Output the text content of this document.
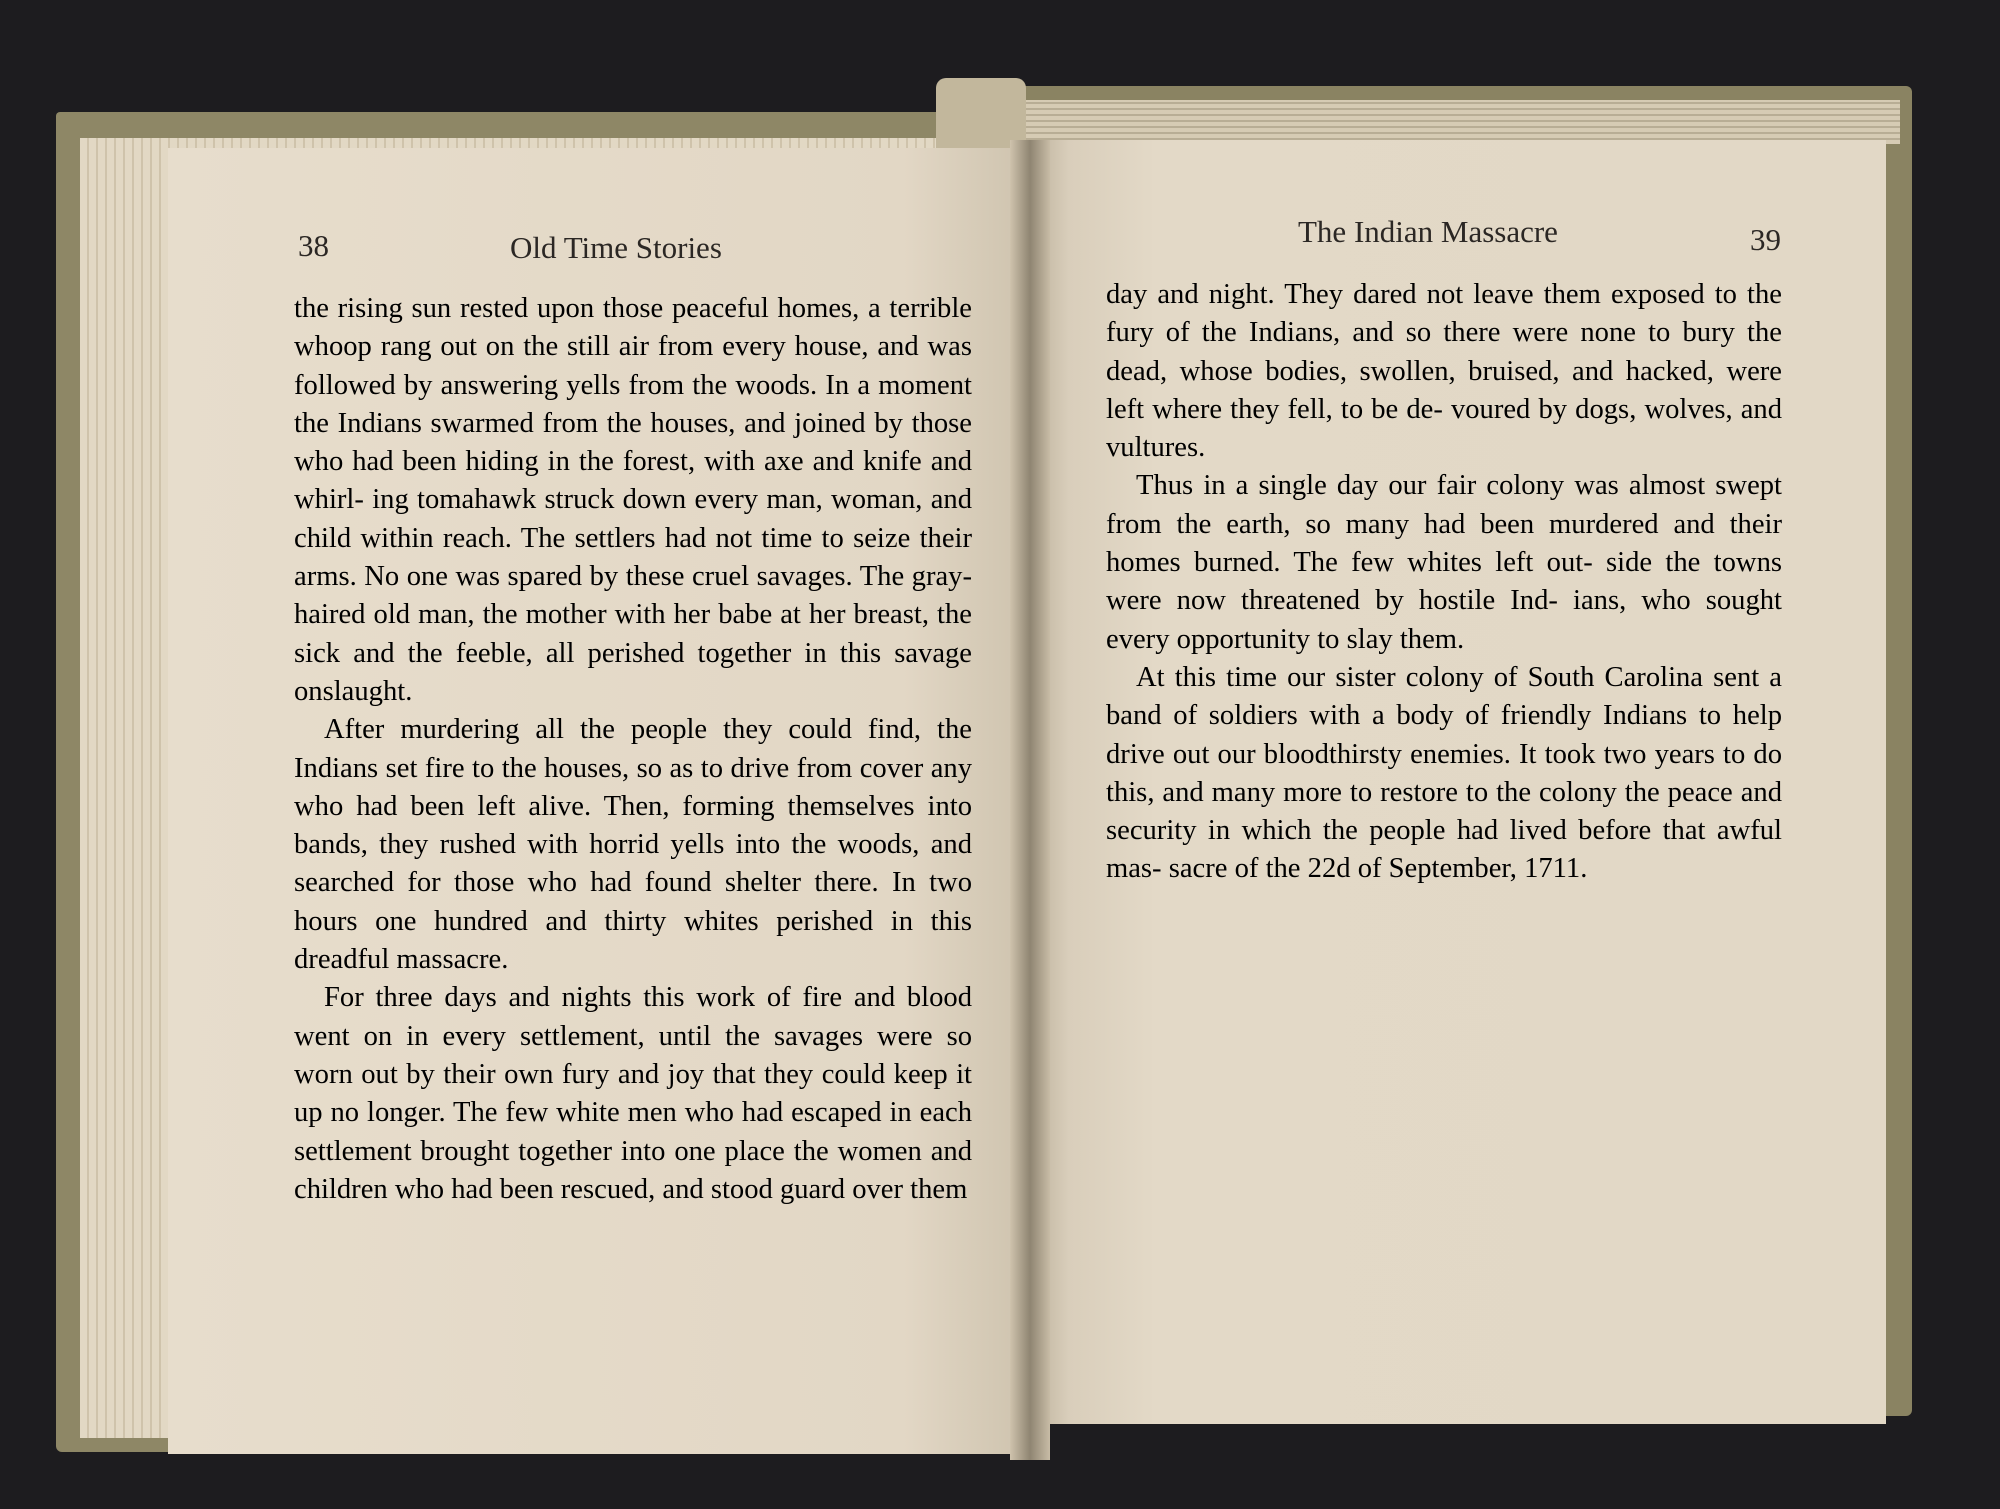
38	Old Time Stories

the rising sun rested upon those peaceful homes, a terrible whoop rang out on the still air from every house, and was followed by answering yells from the woods. In a moment the Indians swarmed from the houses, and joined by those who had been hiding in the forest, with axe and knife and whirl- ing tomahawk struck down every man, woman, and child within reach. The settlers had not time to seize their arms. No one was spared by these cruel savages. The gray-haired old man, the mother with her babe at her breast, the sick and the feeble, all perished together in this savage onslaught.

After murdering all the people they could find, the Indians set fire to the houses, so as to drive from cover any who had been left alive. Then, forming themselves into bands, they rushed with horrid yells into the woods, and searched for those who had found shelter there. In two hours one hundred and thirty whites perished in this dreadful massacre.

For three days and nights this work of fire and blood went on in every settlement, until the savages were so worn out by their own fury and joy that they could keep it up no longer. The few white men who had escaped in each settlement brought together into one place the women and children who had been rescued, and stood guard over them

The Indian Massacre	39

day and night. They dared not leave them exposed to the fury of the Indians, and so there were none to bury the dead, whose bodies, swollen, bruised, and hacked, were left where they fell, to be de- voured by dogs, wolves, and vultures.

Thus in a single day our fair colony was almost swept from the earth, so many had been murdered and their homes burned. The few whites left out- side the towns were now threatened by hostile Ind- ians, who sought every opportunity to slay them.

At this time our sister colony of South Carolina sent a band of soldiers with a body of friendly Indians to help drive out our bloodthirsty enemies. It took two years to do this, and many more to restore to the colony the peace and security in which the people had lived before that awful mas- sacre of the 22d of September, 1711.
